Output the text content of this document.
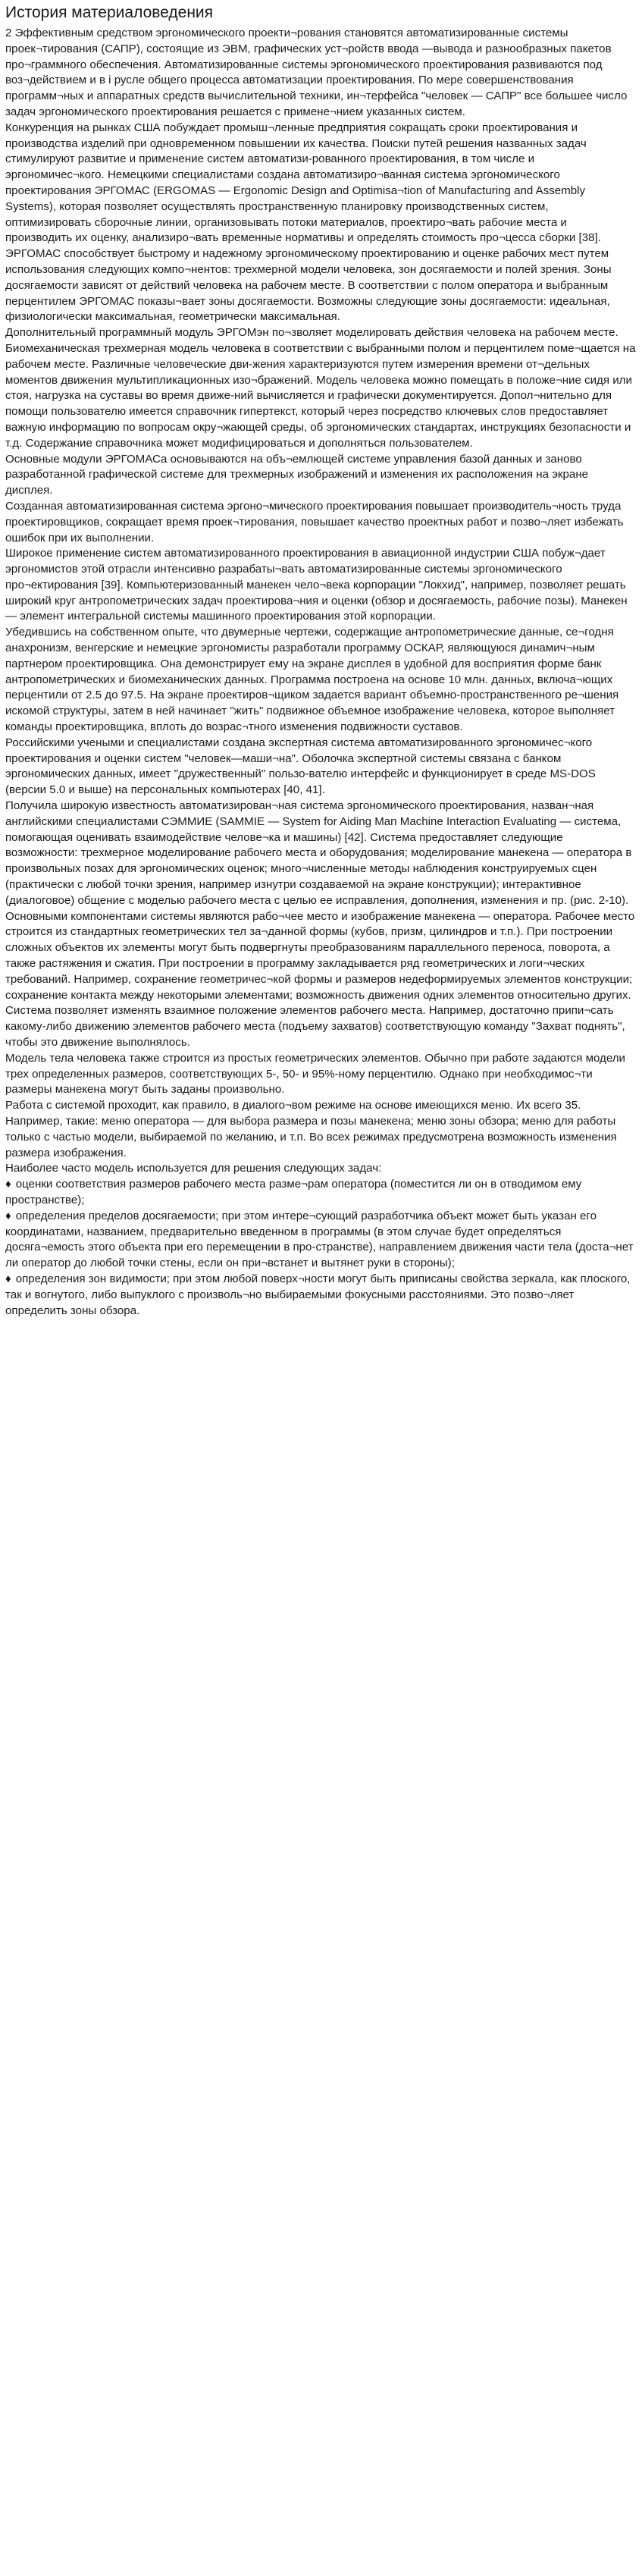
История материаловедения

2 Эффективным средством эргономического проекти¬рования становятся автоматизированные системы проек¬тирования (САПР), состоящие из ЭВМ, графических уст¬ройств ввода —вывода и разнообразных пакетов про¬граммного обеспечения. Автоматизированные системы эргономического проектирования развиваются под воз¬действием и в і русле общего процесса автоматизации проектирования. По мере совершенствования программ¬ных и аппаратных средств вычислительной техники, ин¬терфейса "человек — САПР" все большее число задач эргономического проектирования решается с примене¬нием указанных систем.

Конкуренция на рынках США побуждает промыш¬ленные предприятия сокращать сроки проектирования и производства изделий при одновременном повышении их качества. Поиски путей решения названных задач стимулируют развитие и применение систем автоматизи-рованного проектирования, в том числе и эргономичес¬кого. Немецкими специалистами создана автоматизиро¬ванная система эргономического проектирования ЭРГОМАС (ERGOMAS — Ergonomic Design and Optimisa¬tion of Manufacturing and Assembly Systems), которая позволяет осуществлять пространственную планировку производственных систем, оптимизировать сборочные линии, организовывать потоки материалов, проектиро¬вать рабочие места и производить их оценку, анализиро¬вать временные нормативы и определять стоимость про¬цесса сборки [38]. ЭРГОМАС способствует быстрому и надежному эргономическому проектированию и оценке рабочих мест путем использования следующих компо¬нентов: трехмерной модели человека, зон досягаемости и полей зрения. Зоны досягаемости зависят от действий человека на рабочем месте. В соответствии с полом оператора и выбранным перцентилем ЭРГОМАС показы¬вает зоны досягаемости. Возможны следующие зоны досягаемости: идеальная, физиологически максимальная, геометрически максимальная.

Дополнительный программный модуль ЭРГОМэн по¬зволяет моделировать действия человека на рабочем месте. Биомеханическая трехмерная модель человека в соответствии с выбранными полом и перцентилем поме¬щается на рабочем месте. Различные человеческие дви-жения характеризуются путем измерения времени от¬дельных моментов движения мультипликационных изо¬бражений. Модель человека можно помещать в положе¬ние сидя или стоя, нагрузка на суставы во время движе-ний вычисляется и графически документируется. Допол¬нительно для помощи пользователю имеется справочник гипертекст, который через посредство ключевых слов предоставляет важную информацию по вопросам окру¬жающей среды, об эргономических стандартах, инструкциях безопасности и т.д. Содержание справочника может модифицироваться и дополняться пользователем.

Основные модули ЭРГОМАСа основываются на объ¬емлющей системе управления базой данных и заново разработанной графической системе для трехмерных изображений и изменения их расположения на экране дисплея.

Созданная автоматизированная система эргоно¬мического проектирования повышает производитель¬ность труда проектировщиков, сокращает время проек¬тирования, повышает качество проектных работ и позво¬ляет избежать ошибок при их выполнении.

Широкое применение систем автоматизированного проектирования в авиационной индустрии США побуж¬дает эргономистов этой отрасли интенсивно разрабаты¬вать автоматизированные системы эргономического про¬ектирования [39]. Компьютеризованный манекен чело¬века корпорации "Локхид", например, позволяет решать широкий круг антропометрических задач проектирова¬ния и оценки (обзор и досягаемость, рабочие позы). Манекен — элемент интегральной системы машинного проектирования этой корпорации.

Убедившись на собственном опыте, что двумерные чертежи, содержащие антропометрические данные, се¬годня анахронизм, венгерские и немецкие эргономисты разработали программу ОСКАР, являющуюся динамич¬ным партнером проектировщика. Она демонстрирует ему на экране дисплея в удобной для восприятия форме банк антропометрических и биомеханических данных. Программа построена на основе 10 млн. данных, включа¬ющих перцентили от 2.5 до 97.5. На экране проектиров¬щиком задается вариант объемно-пространственного ре¬шения искомой структуры, затем в ней начинает "жить" подвижное объемное изображение человека, которое выполняет команды проектировщика, вплоть до возрас¬тного изменения подвижности суставов.

Российскими учеными и специалистами создана экспертная система автоматизированного эргономичес¬кого проектирования и оценки систем "человек—маши¬на". Оболочка экспертной системы связана с банком эргономических данных, имеет "дружественный" пользо-вателю интерфейс и функционирует в среде MS-DOS (версии 5.0 и выше) на персональных компьютерах [40, 41].

Получила широкую известность автоматизирован¬ная система эргономического проектирования, назван¬ная английскими специалистами СЭММИЕ (SAMMIE — System for Aiding Man Machine Interaction Evaluating — система, помогающая оценивать взаимодействие челове¬ка и машины) [42]. Система предоставляет следующие возможности: трехмерное моделирование рабочего места и оборудования; моделирование манекена — оператора в произвольных позах для эргономических оценок; много¬численные методы наблюдения конструируемых сцен (практически с любой точки зрения, например изнутри создаваемой на экране конструкции); интерактивное (диалоговое) общение с моделью рабочего места с целью ее исправления, дополнения, изменения и пр. (рис. 2-10).

Основными компонентами системы являются рабо¬чее место и изображение манекена — оператора. Рабочее место строится из стандартных геометрических тел за¬данной формы (кубов, призм, цилиндров и т.п.). При построении сложных объектов их элементы могут быть подвергнуты преобразованиям параллельного переноса, поворота, а также растяжения и сжатия. При построении в программу закладывается ряд геометрических и логи¬ческих требований. Например, сохранение геометричес¬кой формы и размеров недеформируемых элементов конструкции; сохранение контакта между некоторыми элементами; возможность движения одних элементов относительно других.

Система позволяет изменять взаимное положение элементов рабочего места. Например, достаточно припи¬сать какому-либо движению элементов рабочего места (подъему захватов) соответствующую команду "Захват поднять", чтобы это движение выполнялось.

Модель тела человека также строится из простых геометрических элементов. Обычно при работе задаются модели трех определенных размеров, соответствующих 5-, 50- и 95%-ному перцентилю. Однако при необходимос¬ти размеры манекена могут быть заданы произвольно.

Работа с системой проходит, как правило, в диалого¬вом режиме на основе имеющихся меню. Их всего 35. Например, такие: меню оператора — для выбора размера и позы манекена; меню зоны обзора; меню для работы только с частью модели, выбираемой по желанию, и т.п. Во всех режимах предусмотрена возможность изменения размера изображения.

Наиболее часто модель используется для решения следующих задач:

♦ оценки соответствия размеров рабочего места разме¬рам оператора (поместится ли он в отводимом ему пространстве);

♦ определения пределов досягаемости; при этом интере¬сующий разработчика объект может быть указан его координатами, названием, предварительно введенном в программы (в этом случае будет определяться досяга¬емость этого объекта при его перемещении в про-странстве), направлением движения части тела (доста¬нет ли оператор до любой точки стены, если он при¬встанет и вытянет руки в стороны);

♦ определения зон видимости; при этом любой поверх¬ности могут быть приписаны свойства зеркала, как плоского, так и вогнутого, либо выпуклого с произволь¬но выбираемыми фокусными расстояниями. Это позво¬ляет определить зоны обзора.
